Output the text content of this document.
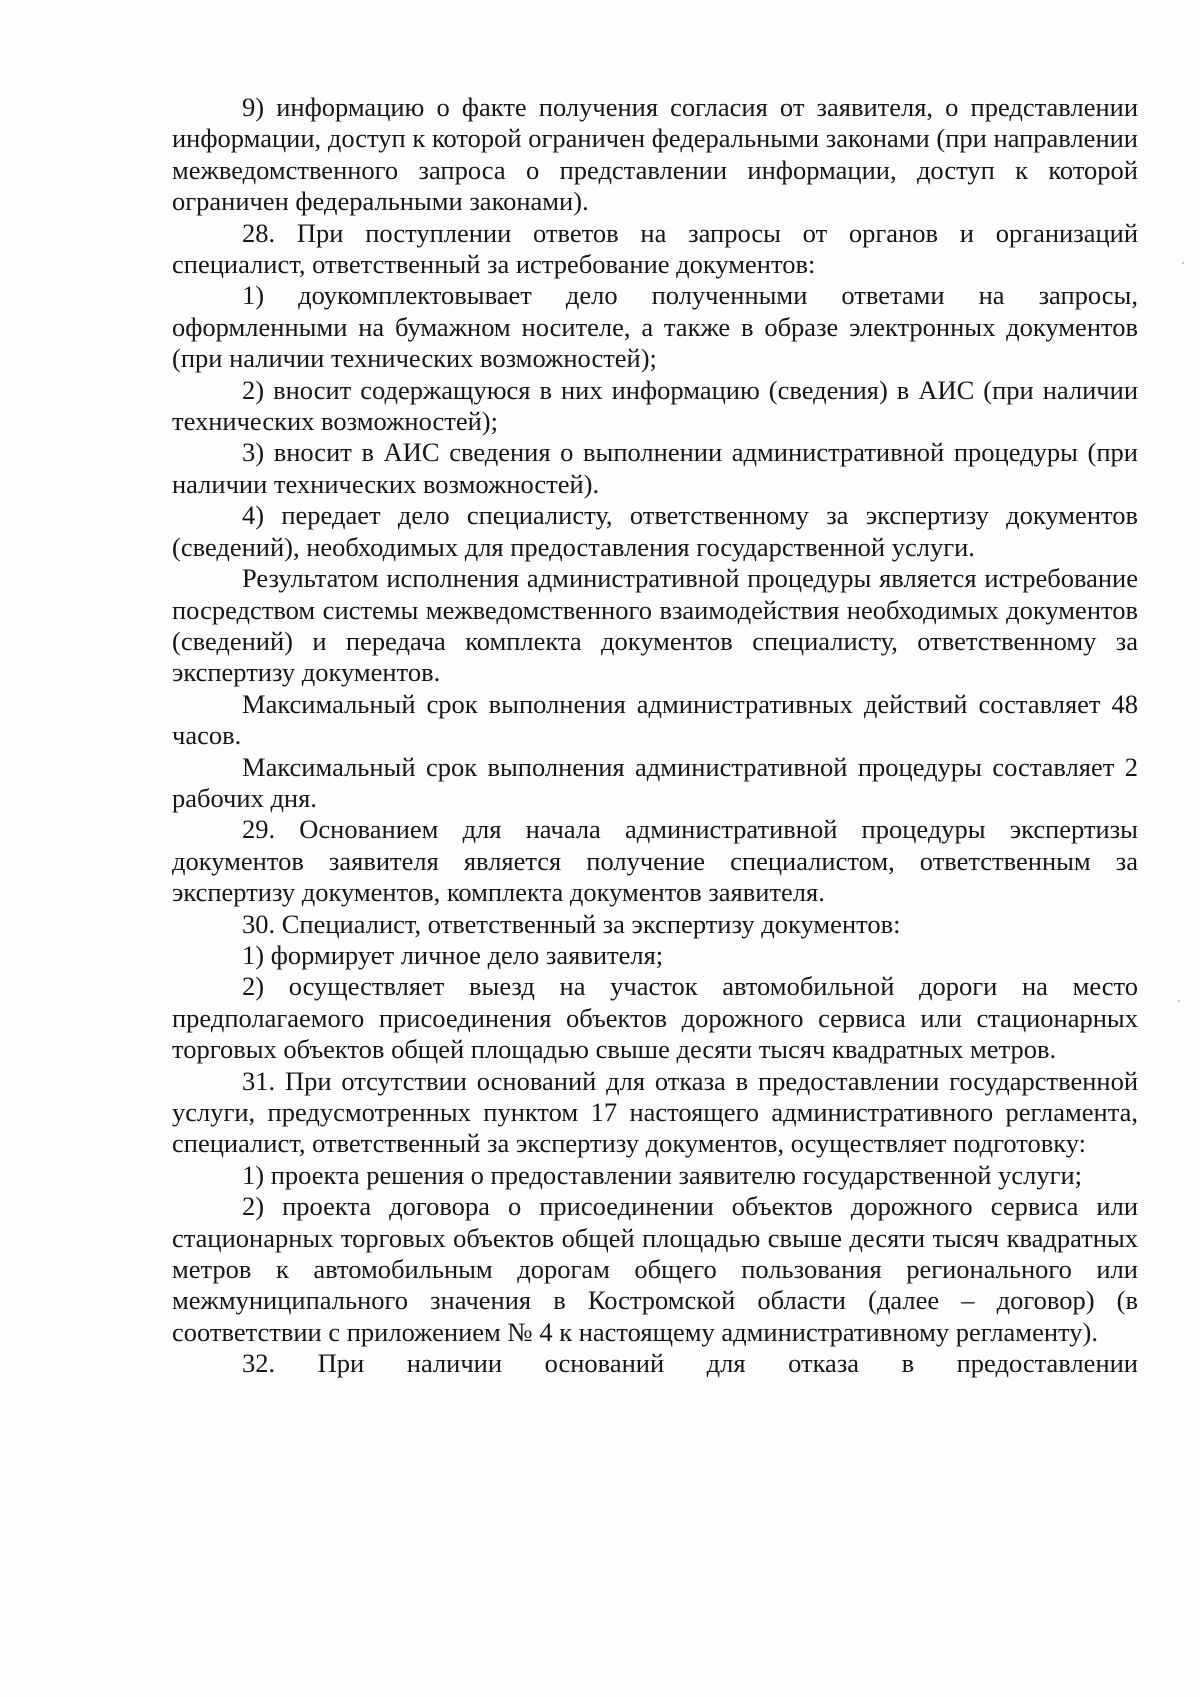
9) информацию о факте получения согласия от заявителя, о представлении информации, доступ к которой ограничен федеральными законами (при направлении межведомственного запроса о представлении информации, доступ к которой ограничен федеральными законами).

28. При поступлении ответов на запросы от органов и организаций специалист, ответственный за истребование документов:

1) доукомплектовывает дело полученными ответами на запросы, оформленными на бумажном носителе, а также в образе электронных документов (при наличии технических возможностей);

2) вносит содержащуюся в них информацию (сведения) в АИС (при наличии технических возможностей);

3) вносит в АИС сведения о выполнении административной процедуры (при наличии технических возможностей).

4) передает дело специалисту, ответственному за экспертизу документов (сведений), необходимых для предоставления государственной услуги.

Результатом исполнения административной процедуры является истребование посредством системы межведомственного взаимодействия необходимых документов (сведений) и передача комплекта документов специалисту, ответственному за экспертизу документов.

Максимальный срок выполнения административных действий составляет 48 часов.

Максимальный срок выполнения административной процедуры составляет 2 рабочих дня.

29. Основанием для начала административной процедуры экспертизы документов заявителя является получение специалистом, ответственным за экспертизу документов, комплекта документов заявителя.

30. Специалист, ответственный за экспертизу документов:

1) формирует личное дело заявителя;

2) осуществляет выезд на участок автомобильной дороги на место предполагаемого присоединения объектов дорожного сервиса или стационарных торговых объектов общей площадью свыше десяти тысяч квадратных метров.

31. При отсутствии оснований для отказа в предоставлении государственной услуги, предусмотренных пунктом 17 настоящего административного регламента, специалист, ответственный за экспертизу документов, осуществляет подготовку:

1) проекта решения о предоставлении заявителю государственной услуги;

2) проекта договора о присоединении объектов дорожного сервиса или стационарных торговых объектов общей площадью свыше десяти тысяч квадратных метров к автомобильным дорогам общего пользования регионального или межмуниципального значения в Костромской области (далее – договор) (в соответствии с приложением № 4 к настоящему административному регламенту).

32. При наличии оснований для отказа в предоставлении
